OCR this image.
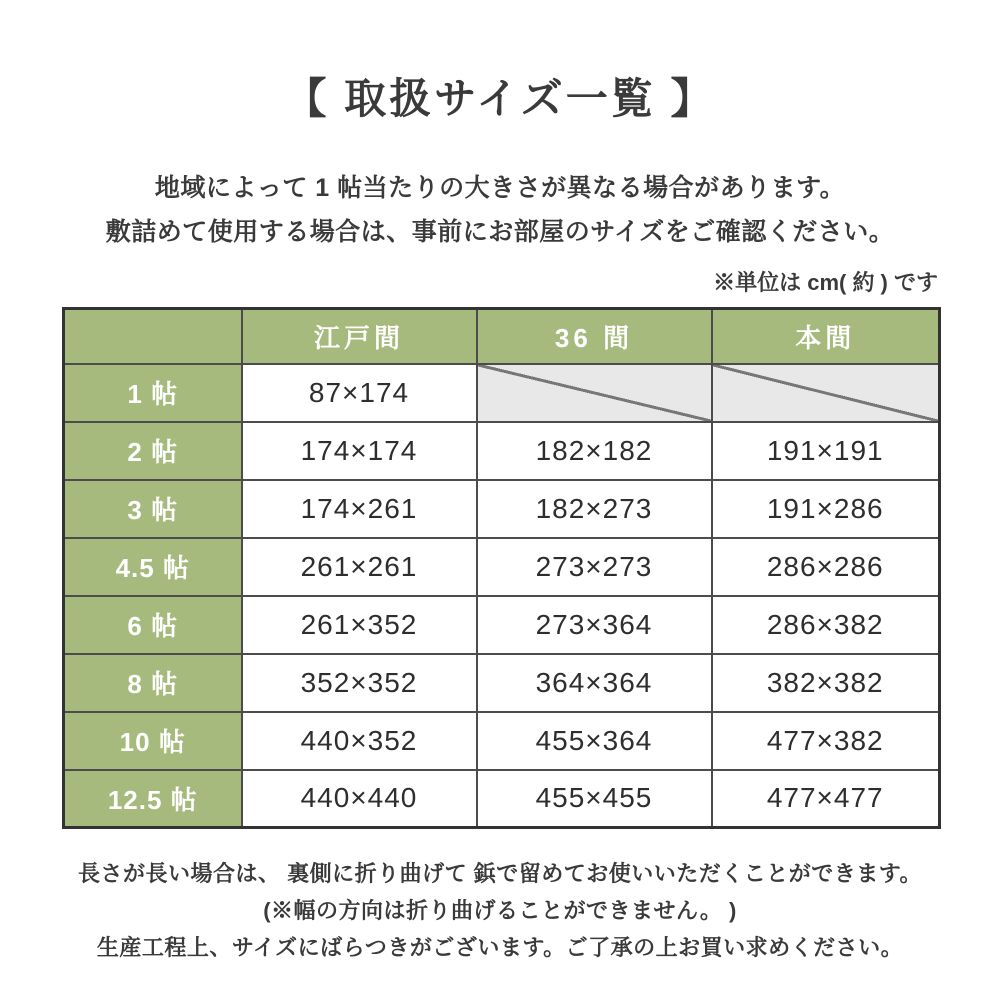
【 取扱サイズ一覧 】

地域によって 1 帖当たりの大きさが異なる場合があります。

敷詰めて使用する場合は、事前にお部屋のサイズをご確認ください。

※単位は cm( 約 ) です
	江戸間	36 間	本間
1 帖	87×174		
2 帖	174×174	182×182	191×191
3 帖	174×261	182×273	191×286
4.5 帖	261×261	273×273	286×286
6 帖	261×352	273×364	286×382
8 帖	352×352	364×364	382×382
10 帖	440×352	455×364	477×382
12.5 帖	440×440	455×455	477×477

長さが長い場合は、 裏側に折り曲げて 鋲で留めてお使いいただくことができます。

(※幅の方向は折り曲げることができません。 )

生産工程上、サイズにばらつきがございます。ご了承の上お買い求めください。
